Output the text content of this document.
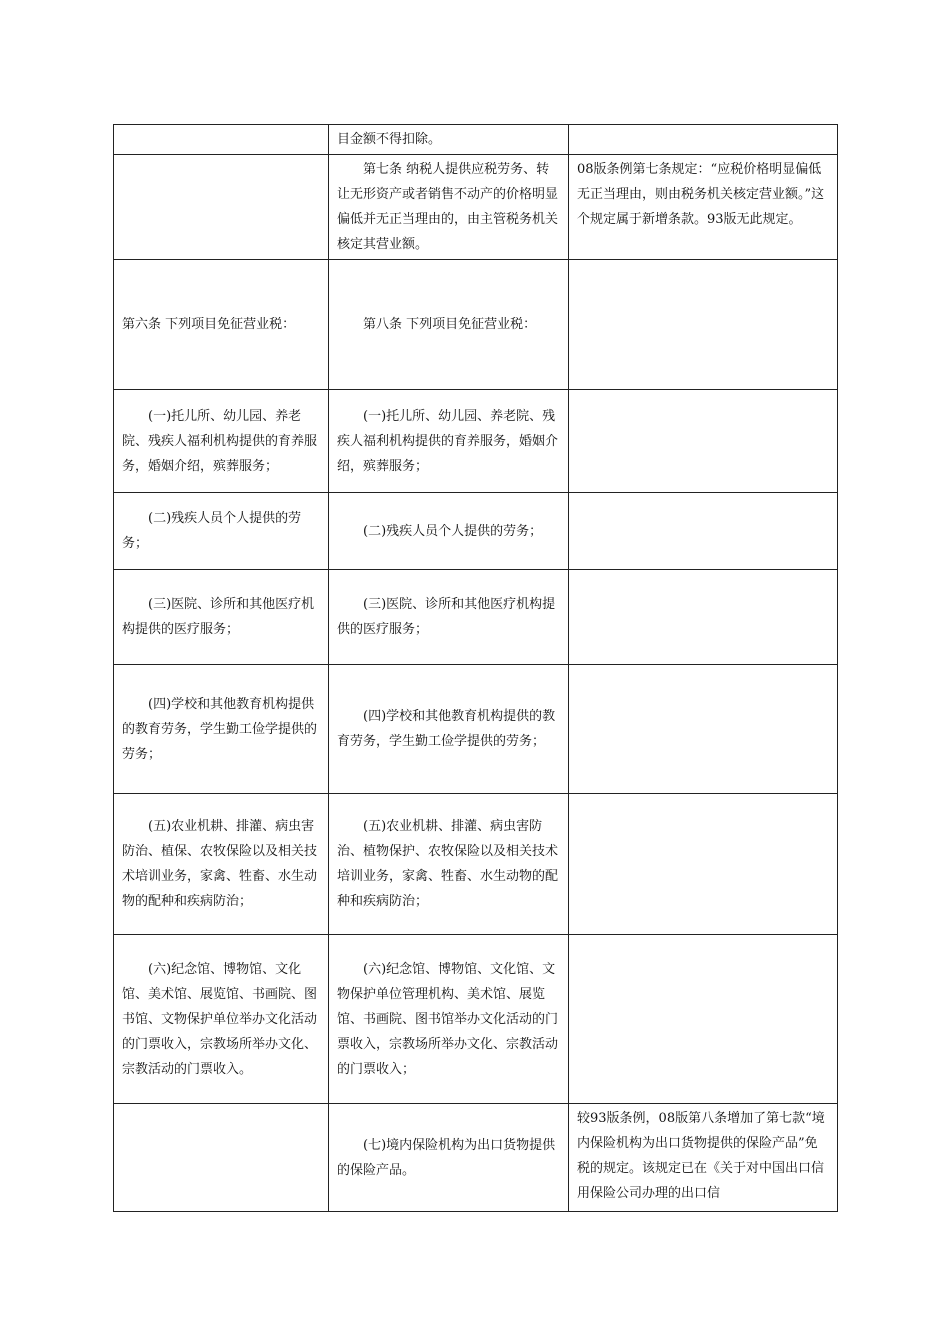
	目金额不得扣除。	
	第七条 纳税人提供应税劳务、转让无形资产或者销售不动产的价格明显偏低并无正当理由的，由主管税务机关核定其营业额。	08版条例第七条规定：“应税价格明显偏低无正当理由，则由税务机关核定营业额。”这个规定属于新增条款。93版无此规定。
第六条 下列项目免征营业税：	第八条 下列项目免征营业税：	
(一)托儿所、幼儿园、养老院、残疾人福利机构提供的育养服务，婚姻介绍，殡葬服务；	(一)托儿所、幼儿园、养老院、残疾人福利机构提供的育养服务，婚姻介绍，殡葬服务；	
(二)残疾人员个人提供的劳务；	(二)残疾人员个人提供的劳务；	
(三)医院、诊所和其他医疗机构提供的医疗服务；	(三)医院、诊所和其他医疗机构提供的医疗服务；	
(四)学校和其他教育机构提供的教育劳务，学生勤工俭学提供的劳务；	(四)学校和其他教育机构提供的教育劳务，学生勤工俭学提供的劳务；	
(五)农业机耕、排灌、病虫害防治、植保、农牧保险以及相关技术培训业务，家禽、牲畜、水生动物的配种和疾病防治；	(五)农业机耕、排灌、病虫害防治、植物保护、农牧保险以及相关技术培训业务，家禽、牲畜、水生动物的配种和疾病防治；	
(六)纪念馆、博物馆、文化馆、美术馆、展览馆、书画院、图书馆、文物保护单位举办文化活动的门票收入，宗教场所举办文化、宗教活动的门票收入。	(六)纪念馆、博物馆、文化馆、文物保护单位管理机构、美术馆、展览馆、书画院、图书馆举办文化活动的门票收入，宗教场所举办文化、宗教活动的门票收入；	
	(七)境内保险机构为出口货物提供的保险产品。	较93版条例，08版第八条增加了第七款“境内保险机构为出口货物提供的保险产品”免税的规定。该规定已在《关于对中国出口信用保险公司办理的出口信
